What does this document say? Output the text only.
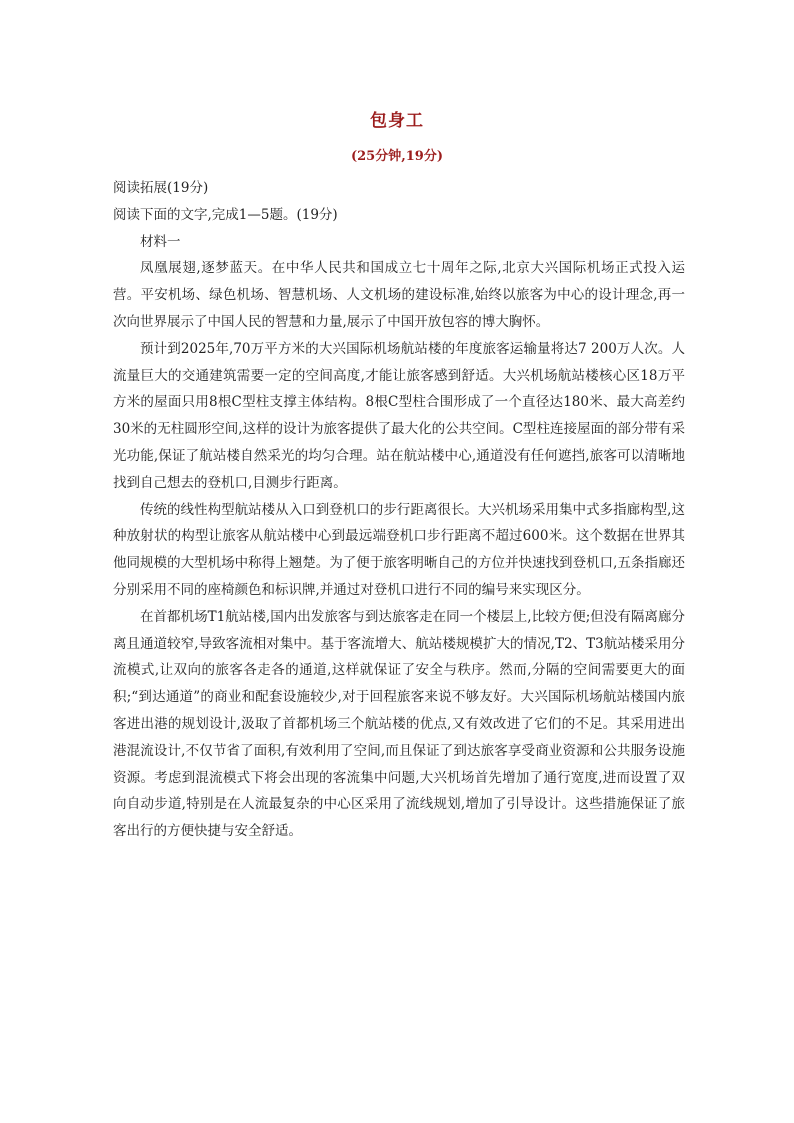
包身工
(25分钟,19分)

阅读拓展(19分)

阅读下面的文字,完成1—5题。(19分)

材料一

凤凰展翅,逐梦蓝天。在中华人民共和国成立七十周年之际,北京大兴国际机场正式投入运营。平安机场、绿色机场、智慧机场、人文机场的建设标准,始终以旅客为中心的设计理念,再一次向世界展示了中国人民的智慧和力量,展示了中国开放包容的博大胸怀。

预计到2025年,70万平方米的大兴国际机场航站楼的年度旅客运输量将达7 200万人次。人流量巨大的交通建筑需要一定的空间高度,才能让旅客感到舒适。大兴机场航站楼核心区18万平方米的屋面只用8根C型柱支撑主体结构。8根C型柱合围形成了一个直径达180米、最大高差约30米的无柱圆形空间,这样的设计为旅客提供了最大化的公共空间。C型柱连接屋面的部分带有采光功能,保证了航站楼自然采光的均匀合理。站在航站楼中心,通道没有任何遮挡,旅客可以清晰地找到自己想去的登机口,目测步行距离。

传统的线性构型航站楼从入口到登机口的步行距离很长。大兴机场采用集中式多指廊构型,这种放射状的构型让旅客从航站楼中心到最远端登机口步行距离不超过600米。这个数据在世界其他同规模的大型机场中称得上翘楚。为了便于旅客明晰自己的方位并快速找到登机口,五条指廊还分别采用不同的座椅颜色和标识牌,并通过对登机口进行不同的编号来实现区分。

在首都机场T1航站楼,国内出发旅客与到达旅客走在同一个楼层上,比较方便;但没有隔离廊分离且通道较窄,导致客流相对集中。基于客流增大、航站楼规模扩大的情况,T2、T3航站楼采用分流模式,让双向的旅客各走各的通道,这样就保证了安全与秩序。然而,分隔的空间需要更大的面积;“到达通道”的商业和配套设施较少,对于回程旅客来说不够友好。大兴国际机场航站楼国内旅客进出港的规划设计,汲取了首都机场三个航站楼的优点,又有效改进了它们的不足。其采用进出港混流设计,不仅节省了面积,有效利用了空间,而且保证了到达旅客享受商业资源和公共服务设施资源。考虑到混流模式下将会出现的客流集中问题,大兴机场首先增加了通行宽度,进而设置了双向自动步道,特别是在人流最复杂的中心区采用了流线规划,增加了引导设计。这些措施保证了旅客出行的方便快捷与安全舒适。
